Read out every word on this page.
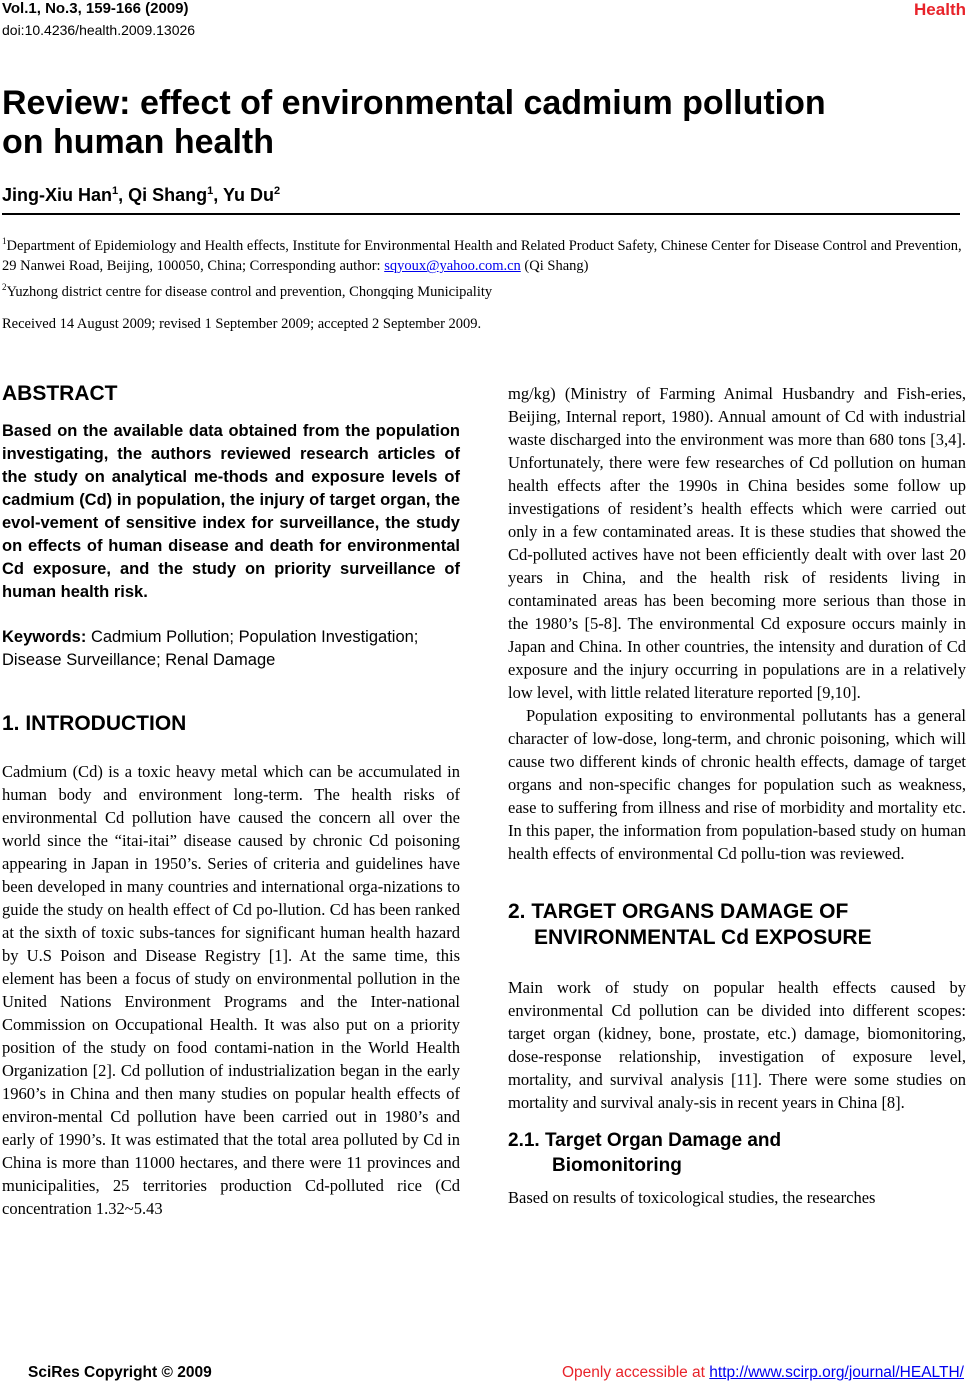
Vol.1, No.3, 159-166 (2009)
doi:10.4236/health.2009.13026
Health
Review: effect of environmental cadmium pollution
on human health
Jing-Xiu Han$^1$, Qi Shang$^1$, Yu Du$^2$
$^1$Department of Epidemiology and Health effects, Institute for Environmental Health and Related Product Safety, Chinese Center for Disease Control and Prevention, 29 Nanwei Road, Beijing, 100050, China; Corresponding author: sqyoux@yahoo.com.cn (Qi Shang)
$^2$Yuzhong district centre for disease control and prevention, Chongqing Municipality
Received 14 August 2009; revised 1 September 2009; accepted 2 September 2009.
ABSTRACT

Based on the available data obtained from the population investigating, the authors reviewed research articles of the study on analytical me-thods and exposure levels of cadmium (Cd) in population, the injury of target organ, the evol-vement of sensitive index for surveillance, the study on effects of human disease and death for environmental Cd exposure, and the study on priority surveillance of human health risk.

Keywords: Cadmium Pollution; Population Investigation; Disease Surveillance; Renal Damage

1. INTRODUCTION

Cadmium (Cd) is a toxic heavy metal which can be accumulated in human body and environment long-term. The health risks of environmental Cd pollution have caused the concern all over the world since the “itai-itai” disease caused by chronic Cd poisoning appearing in Japan in 1950’s. Series of criteria and guidelines have been developed in many countries and international orga-nizations to guide the study on health effect of Cd po-llution. Cd has been ranked at the sixth of toxic subs-tances for significant human health hazard by U.S Poison and Disease Registry [1]. At the same time, this element has been a focus of study on environmental pollution in the United Nations Environment Programs and the Inter-national Commission on Occupational Health. It was also put on a priority position of the study on food contami-nation in the World Health Organization [2]. Cd pollution of industrialization began in the early 1960’s in China and then many studies on popular health effects of environ-mental Cd pollution have been carried out in 1980’s and early of 1990’s. It was estimated that the total area polluted by Cd in China is more than 11000 hectares, and there were 11 provinces and municipalities, 25 territories production Cd-polluted rice (Cd concentration 1.32~5.43

mg/kg) (Ministry of Farming Animal Husbandry and Fish-eries, Beijing, Internal report, 1980). Annual amount of Cd with industrial waste discharged into the environment was more than 680 tons [3,4]. Unfortunately, there were few researches of Cd pollution on human health effects after the 1990s in China besides some follow up investigations of resident’s health effects which were carried out only in a few contaminated areas. It is these studies that showed the Cd-polluted actives have not been efficiently dealt with over last 20 years in China, and the health risk of residents living in contaminated areas has been becoming more serious than those in the 1980’s [5-8]. The environmental Cd exposure occurs mainly in Japan and China. In other countries, the intensity and duration of Cd exposure and the injury occurring in populations are in a relatively low level, with little related literature reported [9,10].

Population expositing to environmental pollutants has a general character of low-dose, long-term, and chronic poisoning, which will cause two different kinds of chronic health effects, damage of target organs and non-specific changes for population such as weakness, ease to suffering from illness and rise of morbidity and mortality etc. In this paper, the information from population-based study on human health effects of environmental Cd pollu-tion was reviewed.

2. TARGET ORGANS DAMAGE OF
ENVIRONMENTAL Cd EXPOSURE

Main work of study on popular health effects caused by environmental Cd pollution can be divided into different scopes: target organ (kidney, bone, prostate, etc.) damage, biomonitoring, dose-response relationship, investigation of exposure level, mortality, and survival analysis [11]. There were some studies on mortality and survival analy-sis in recent years in China [8].

2.1. Target Organ Damage and
Biomonitoring

Based on results of toxicological studies, the researches

SciRes Copyright © 2009	Openly accessible at http://www.scirp.org/journal/HEALTH/
